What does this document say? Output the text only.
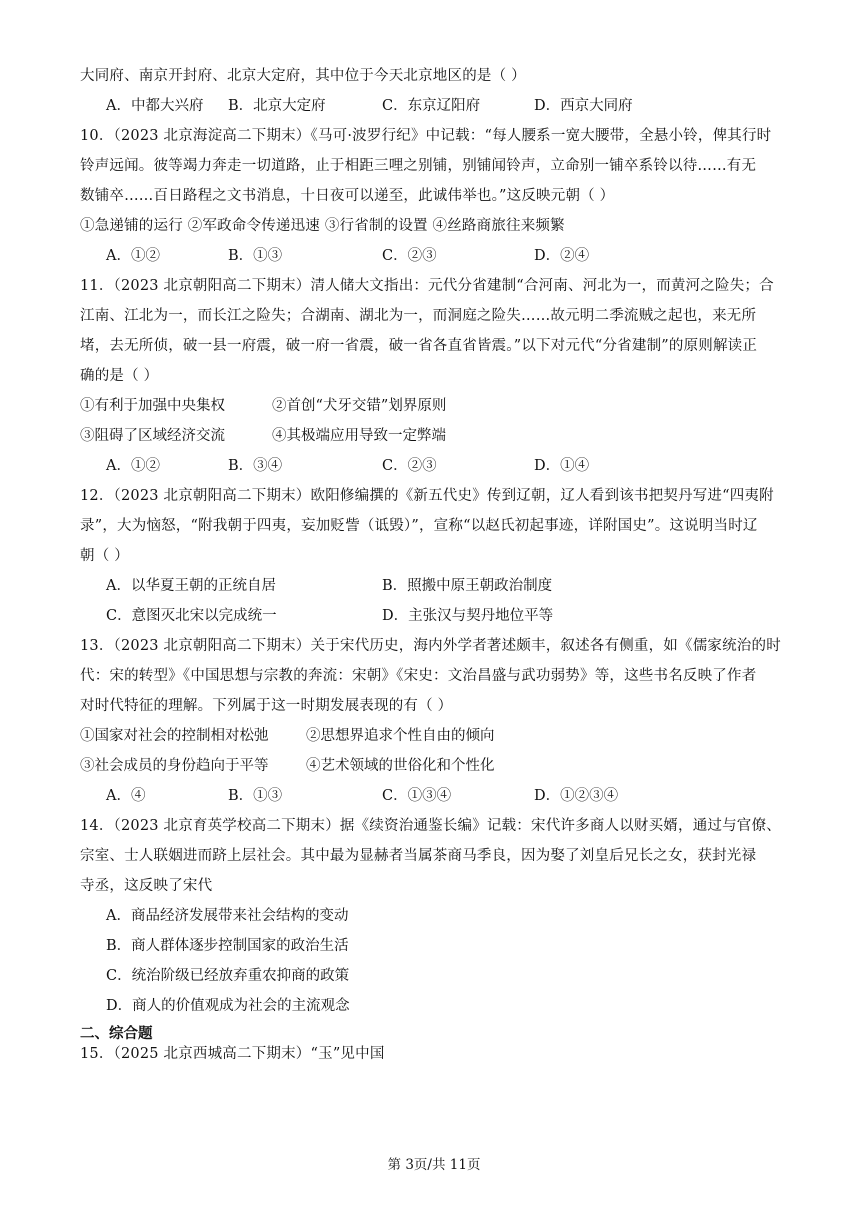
大同府、南京开封府、北京大定府，其中位于今天北京地区的是（ ）
A．中都大兴府 B．北京大定府	C．东京辽阳府	D．西京大同府
10．（2023 北京海淀高二下期末）《马可·波罗行纪》中记载：“每人腰系一宽大腰带，全悬小铃，俾其行时
铃声远闻。彼等竭力奔走一切道路，止于相距三哩之别铺，别铺闻铃声，立命别一铺卒系铃以待……有无
数铺卒……百日路程之文书消息，十日夜可以递至，此诚伟举也。”这反映元朝（ ）
①急递铺的运行 ②军政命令传递迅速 ③行省制的设置 ④丝路商旅往来频繁
A．①②	B．①③	C．②③	D．②④
11．（2023 北京朝阳高二下期末）清人储大文指出：元代分省建制“合河南、河北为一，而黄河之险失；合
江南、江北为一，而长江之险失；合湖南、湖北为一，而洞庭之险失……故元明二季流贼之起也，来无所
堵，去无所侦，破一县一府震，破一府一省震，破一省各直省皆震。”以下对元代“分省建制”的原则解读正
确的是（ ）
①有利于加强中央集权	②首创“犬牙交错”划界原则
③阻碍了区域经济交流	④其极端应用导致一定弊端
A．①②	B．③④	C．②③	D．①④
12．（2023 北京朝阳高二下期末）欧阳修编撰的《新五代史》传到辽朝，辽人看到该书把契丹写进“四夷附
录”，大为恼怒，“附我朝于四夷，妄加贬訾（诋毁）”，宣称“以赵氏初起事迹，详附国史”。这说明当时辽
朝（ ）
A．以华夏王朝的正统自居	B．照搬中原王朝政治制度
C．意图灭北宋以完成统一	D．主张汉与契丹地位平等
13．（2023 北京朝阳高二下期末）关于宋代历史，海内外学者著述颇丰，叙述各有侧重，如《儒家统治的时
代：宋的转型》《中国思想与宗教的奔流：宋朝》《宋史：文治昌盛与武功弱势》等，这些书名反映了作者
对时代特征的理解。下列属于这一时期发展表现的有（ ）
①国家对社会的控制相对松弛	②思想界追求个性自由的倾向
③社会成员的身份趋向于平等	④艺术领域的世俗化和个性化
A．④	B．①③	C．①③④	D．①②③④
14．（2023 北京育英学校高二下期末）据《续资治通鉴长编》记载：宋代许多商人以财买婿，通过与官僚、
宗室、士人联姻进而跻上层社会。其中最为显赫者当属茶商马季良，因为娶了刘皇后兄长之女，获封光禄
寺丞，这反映了宋代
A．商品经济发展带来社会结构的变动
B．商人群体逐步控制国家的政治生活
C．统治阶级已经放弃重农抑商的政策
D．商人的价值观成为社会的主流观念
二、综合题
15．（2025 北京西城高二下期末）“玉”见中国
第 3页/共 11页
